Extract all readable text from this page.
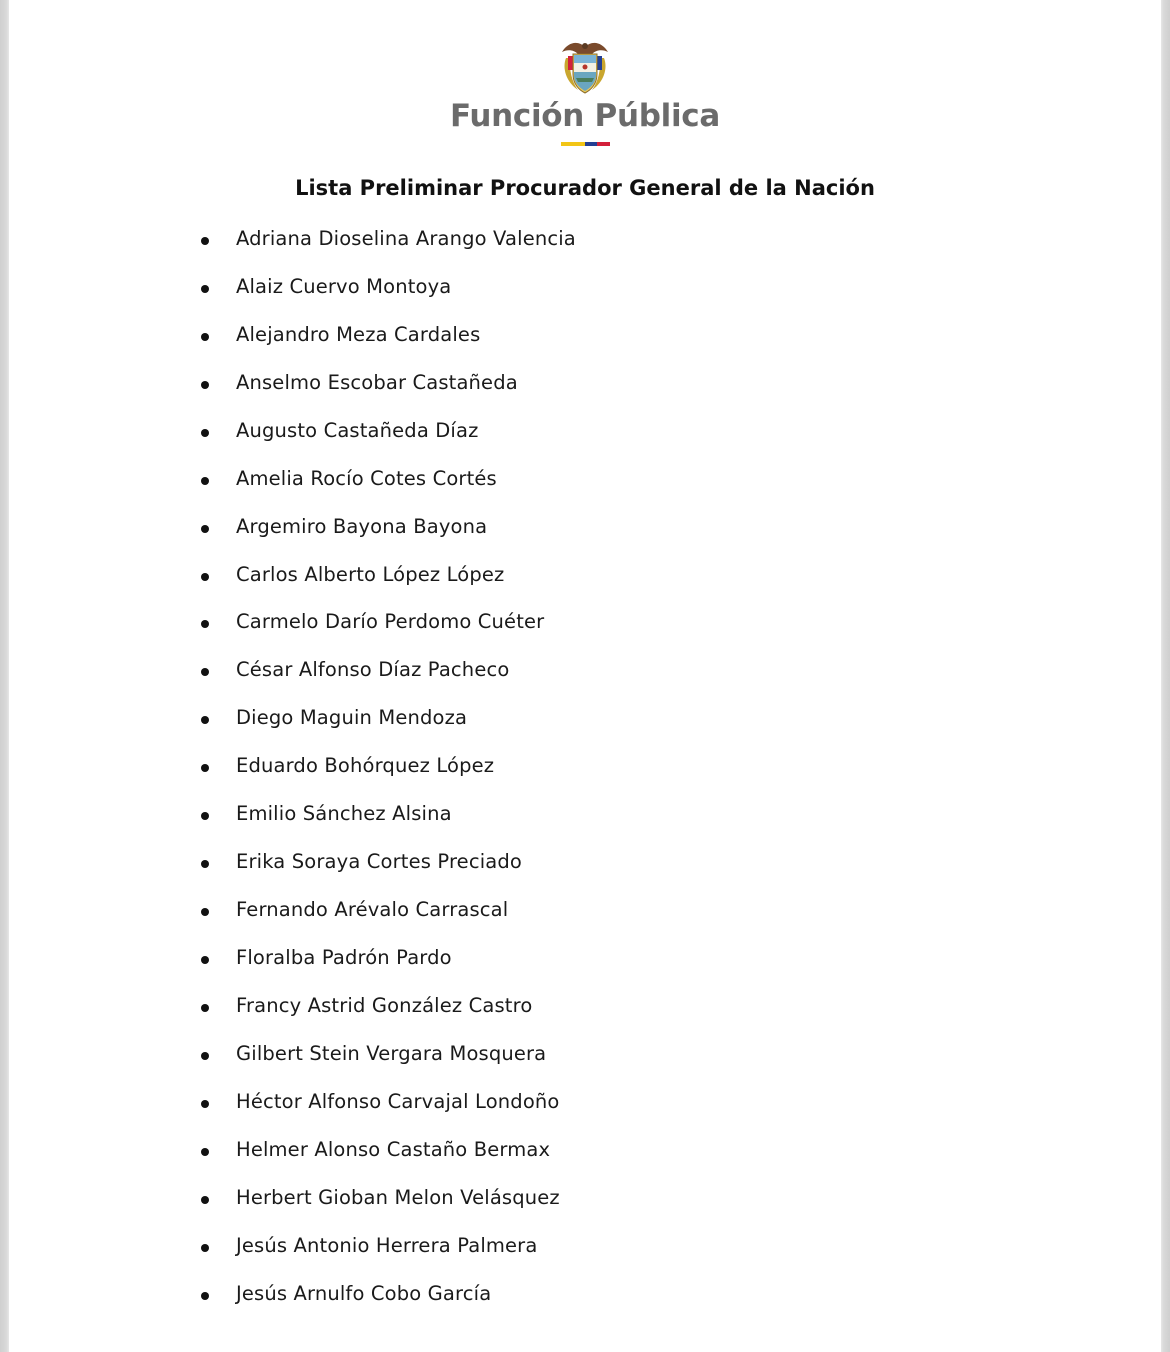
Función Pública
Lista Preliminar Procurador General de la Nación
Adriana Dioselina Arango Valencia
Alaiz Cuervo Montoya
Alejandro Meza Cardales
Anselmo Escobar Castañeda
Augusto Castañeda Díaz
Amelia Rocío Cotes Cortés
Argemiro Bayona Bayona
Carlos Alberto López López
Carmelo Darío Perdomo Cuéter
César Alfonso Díaz Pacheco
Diego Maguin Mendoza
Eduardo Bohórquez López
Emilio Sánchez Alsina
Erika Soraya Cortes Preciado
Fernando Arévalo Carrascal
Floralba Padrón Pardo
Francy Astrid González Castro
Gilbert Stein Vergara Mosquera
Héctor Alfonso Carvajal Londoño
Helmer Alonso Castaño Bermax
Herbert Gioban Melon Velásquez
Jesús Antonio Herrera Palmera
Jesús Arnulfo Cobo García
